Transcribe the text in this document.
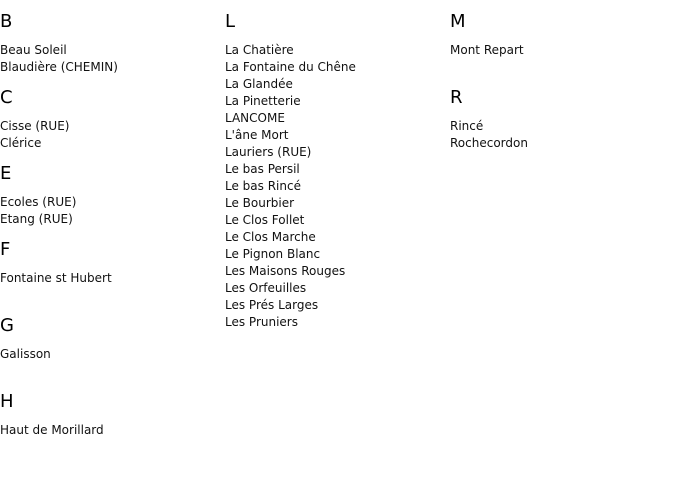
B
Beau Soleil
Blaudière (CHEMIN)
C
Cisse (RUE)
Clérice
E
Ecoles (RUE)
Etang (RUE)
F
Fontaine st Hubert
G
Galisson
H
Haut de Morillard
L
La Chatière
La Fontaine du Chêne
La Glandée
La Pinetterie
LANCOME
L'âne Mort
Lauriers (RUE)
Le bas Persil
Le bas Rincé
Le Bourbier
Le Clos Follet
Le Clos Marche
Le Pignon Blanc
Les Maisons Rouges
Les Orfeuilles
Les Prés Larges
Les Pruniers
M
Mont Repart
R
Rincé
Rochecordon
